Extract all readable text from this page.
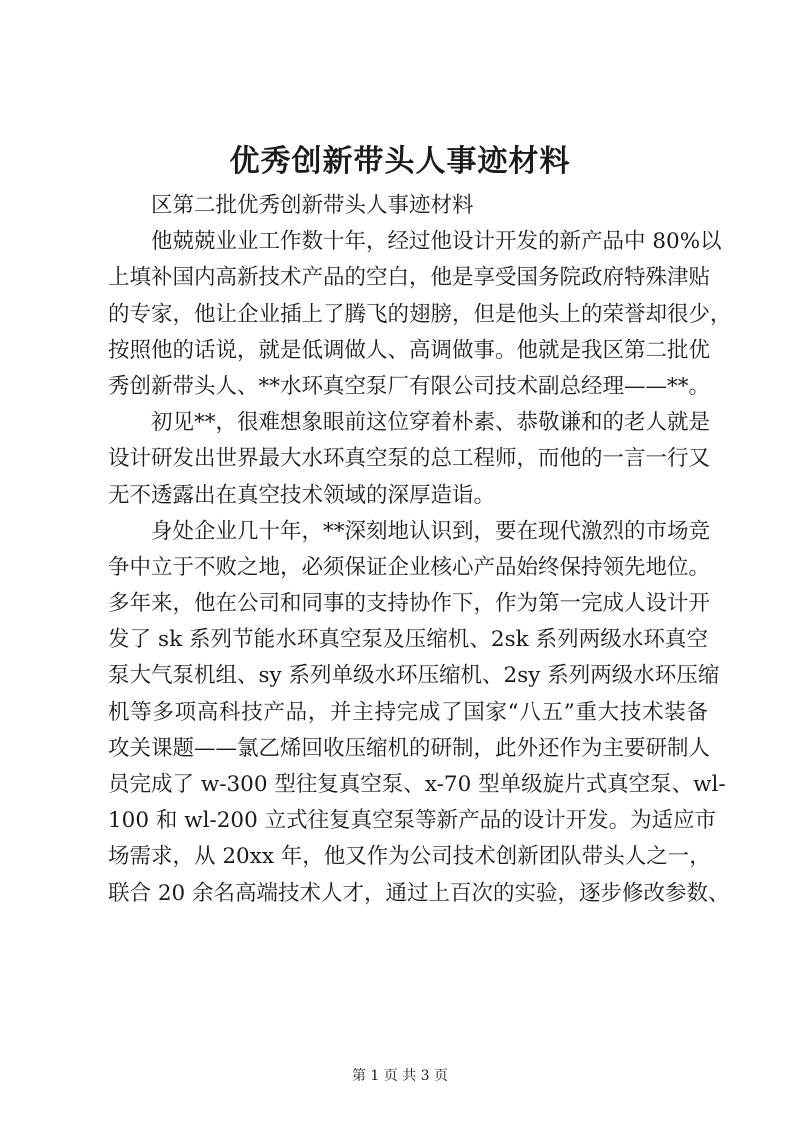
优秀创新带头人事迹材料
区第二批优秀创新带头人事迹材料
他兢兢业业工作数十年，经过他设计开发的新产品中 80%以
上填补国内高新技术产品的空白，他是享受国务院政府特殊津贴
的专家，他让企业插上了腾飞的翅膀，但是他头上的荣誉却很少，
按照他的话说，就是低调做人、高调做事。他就是我区第二批优
秀创新带头人、**水环真空泵厂有限公司技术副总经理——**。
初见**，很难想象眼前这位穿着朴素、恭敬谦和的老人就是
设计研发出世界最大水环真空泵的总工程师，而他的一言一行又
无不透露出在真空技术领域的深厚造诣。
身处企业几十年，**深刻地认识到，要在现代激烈的市场竞
争中立于不败之地，必须保证企业核心产品始终保持领先地位。
多年来，他在公司和同事的支持协作下，作为第一完成人设计开
发了 sk 系列节能水环真空泵及压缩机、2sk 系列两级水环真空
泵大气泵机组、sy 系列单级水环压缩机、2sy 系列两级水环压缩
机等多项高科技产品，并主持完成了国家“八五”重大技术装备
攻关课题——氯乙烯回收压缩机的研制，此外还作为主要研制人
员完成了 w-300 型往复真空泵、x-70 型单级旋片式真空泵、wl-
100 和 wl-200 立式往复真空泵等新产品的设计开发。为适应市
场需求，从 20xx 年，他又作为公司技术创新团队带头人之一，
联合 20 余名高端技术人才，通过上百次的实验，逐步修改参数、
第 1 页 共 3 页
